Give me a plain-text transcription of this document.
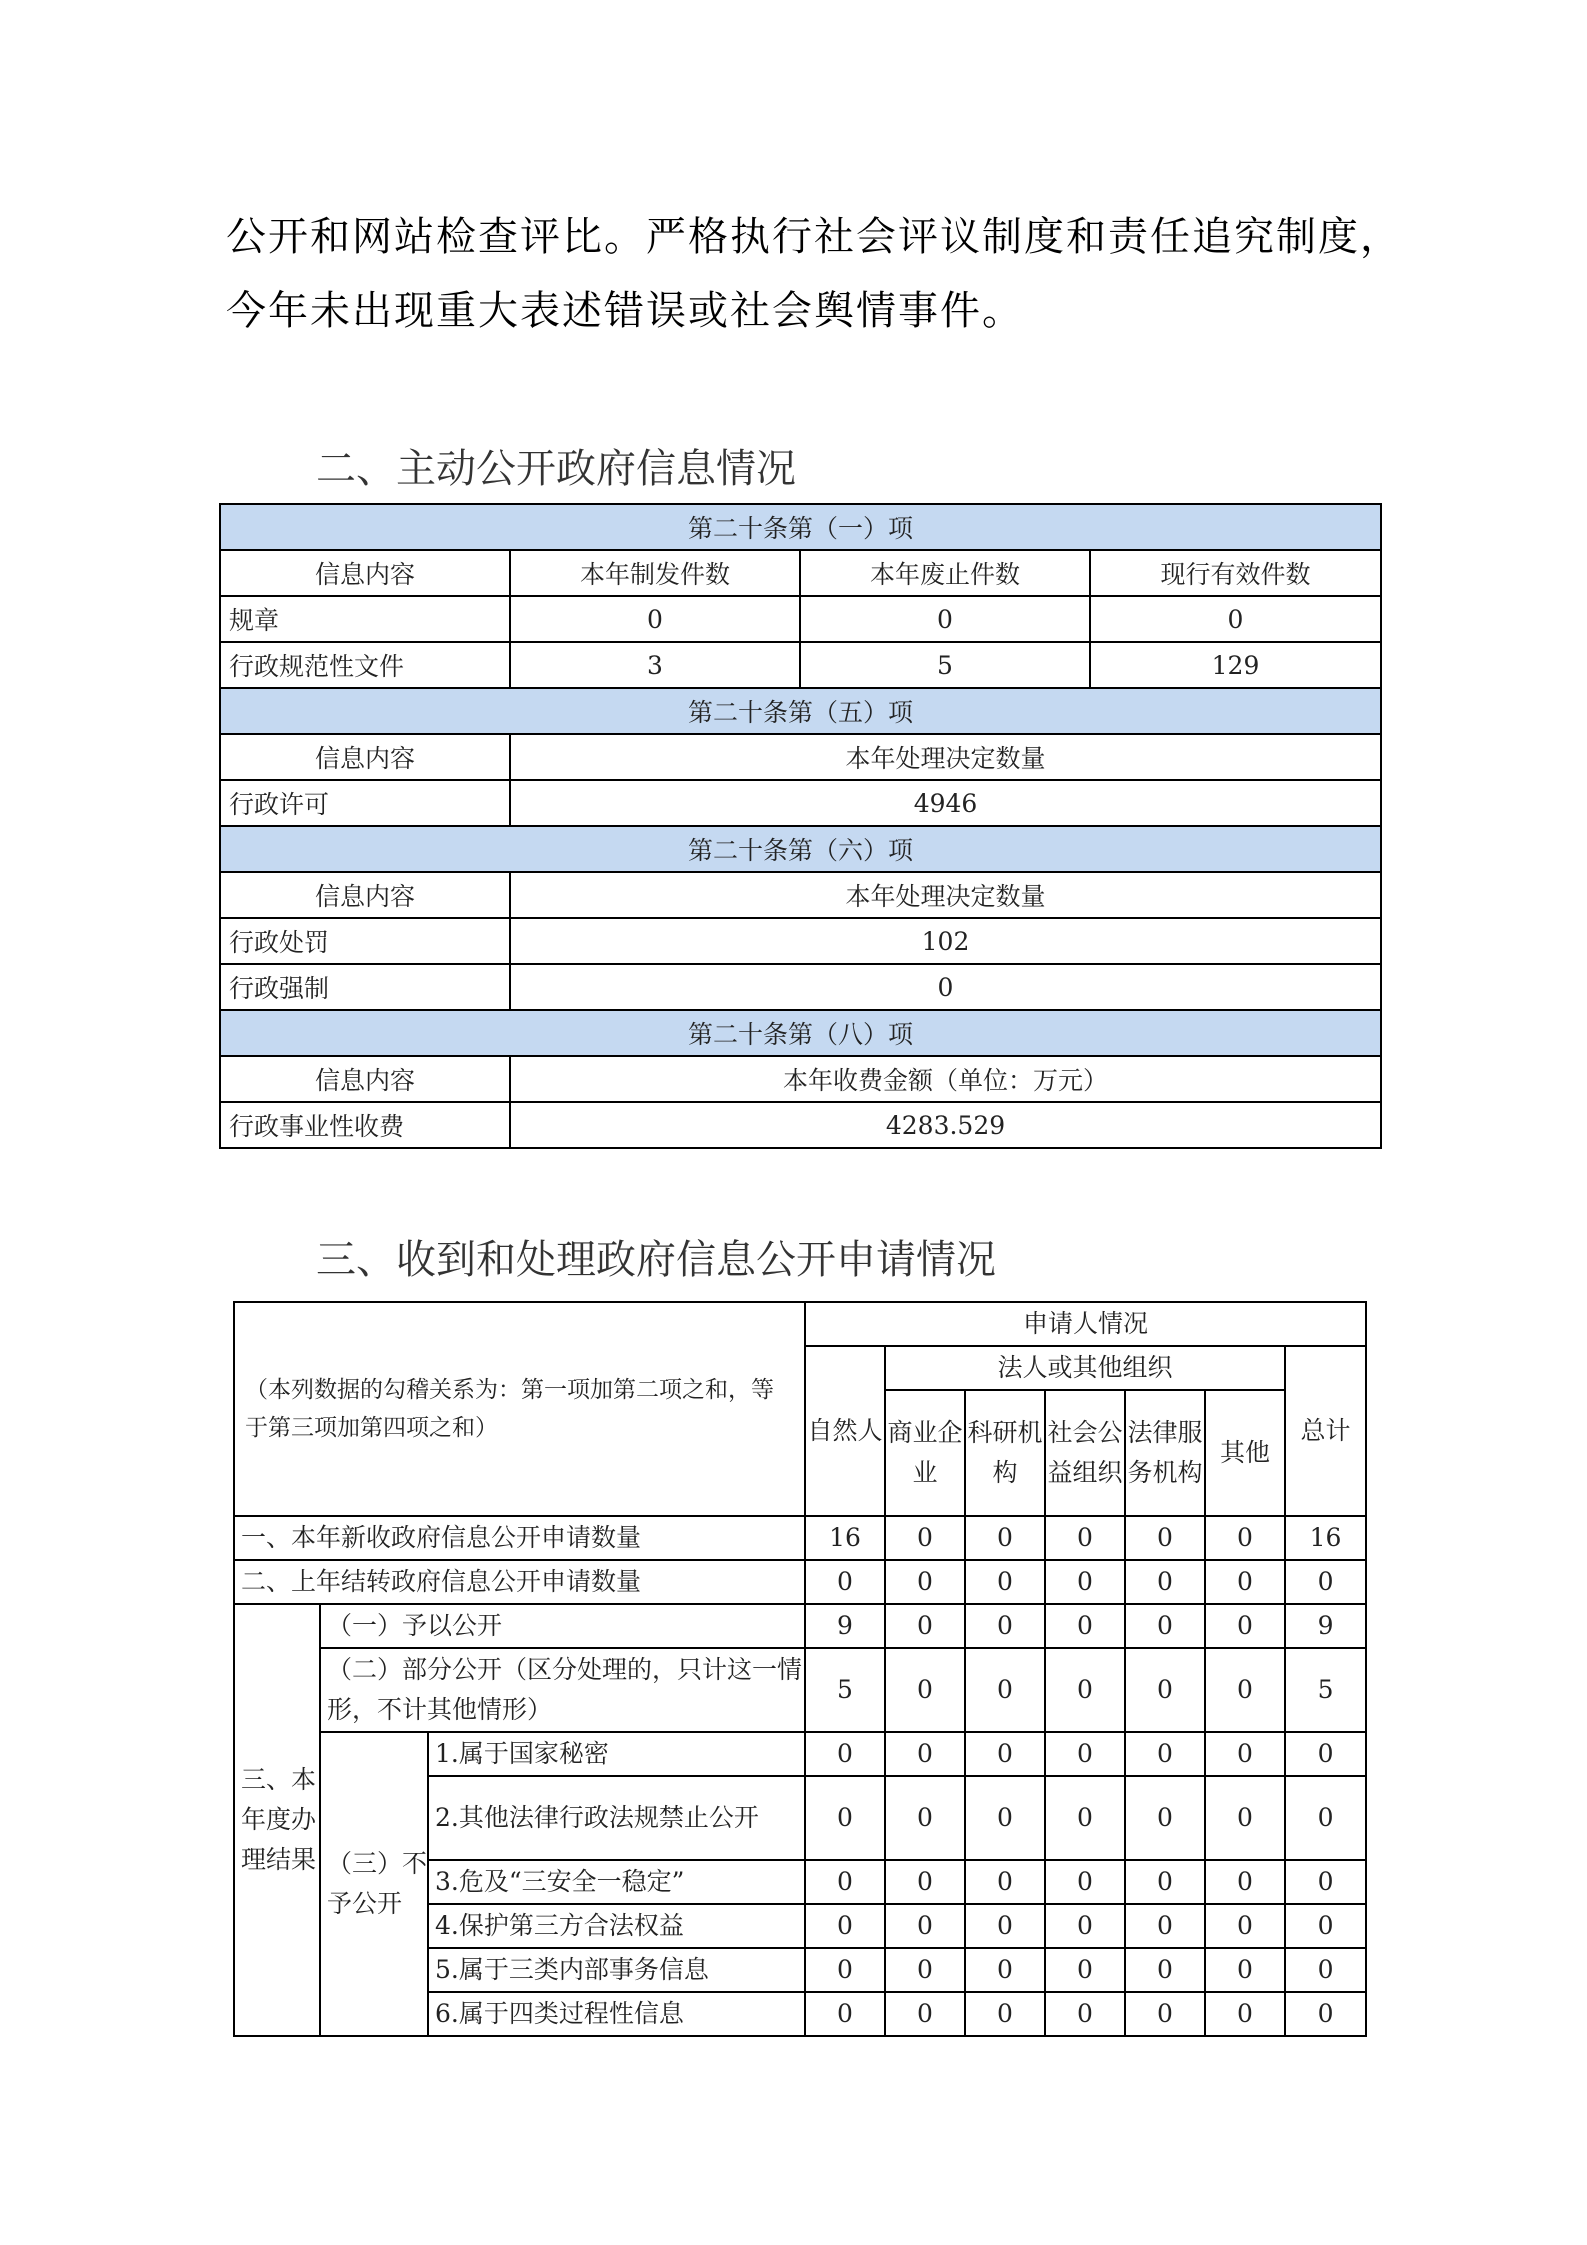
公开和网站检查评比。严格执行社会评议制度和责任追究制度，
今年未出现重大表述错误或社会舆情事件。
二、主动公开政府信息情况
第二十条第（一）项			
信息内容	本年制发件数	本年废止件数	现行有效件数
规章	0	0	0
行政规范性文件	3	5	129
第二十条第（五）项			
信息内容	本年处理决定数量		
行政许可	4946		
第二十条第（六）项			
信息内容	本年处理决定数量		
行政处罚	102		
行政强制	0		
第二十条第（八）项			
信息内容	本年收费金额（单位：万元）		
行政事业性收费	4283.529		
三、收到和处理政府信息公开申请情况
（本列数据的勾稽关系为：第一项加第二项之和，等于第三项加第四项之和）			申请人情况						
			自然人	法人或其他组织					总计
				商业企业	科研机构	社会公益组织	法律服务机构	其他	
一、本年新收政府信息公开申请数量			16	0	0	0	0	0	16
二、上年结转政府信息公开申请数量			0	0	0	0	0	0	0
三、本年度办理结果	（一）予以公开		9	0	0	0	0	0	9
	（二）部分公开（区分处理的，只计这一情形，不计其他情形）		5	0	0	0	0	0	5
	（三）不予公开	1.属于国家秘密	0	0	0	0	0	0	0
		2.其他法律行政法规禁止公开	0	0	0	0	0	0	0
		3.危及“三安全一稳定”	0	0	0	0	0	0	0
		4.保护第三方合法权益	0	0	0	0	0	0	0
		5.属于三类内部事务信息	0	0	0	0	0	0	0
		6.属于四类过程性信息	0	0	0	0	0	0	0
